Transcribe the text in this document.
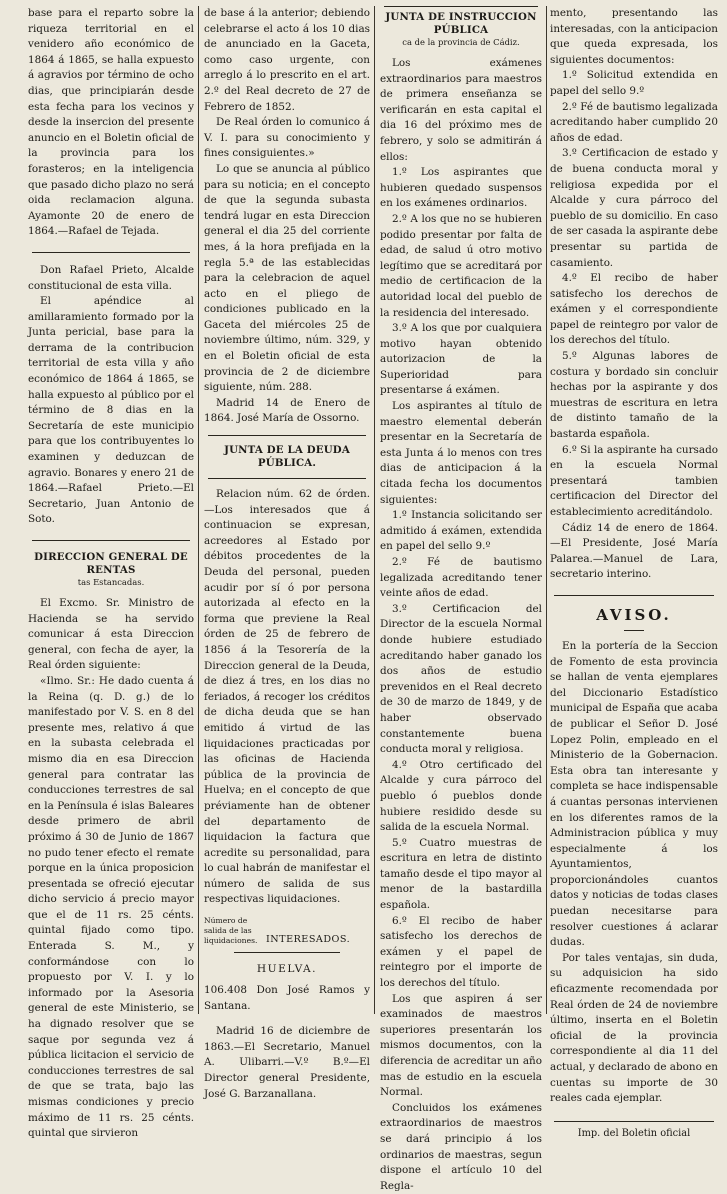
base para el reparto sobre la riqueza territorial en el venidero año económico de 1864 á 1865, se halla expuesto á agravios por término de ocho dias, que principiarán desde esta fecha para los vecinos y desde la insercion del presente anuncio en el Boletin oficial de la provincia para los forasteros; en la inteligencia que pasado dicho plazo no será oida reclamacion alguna. Ayamonte 20 de enero de 1864.—Rafael de Tejada.

Don Rafael Prieto, Alcalde constitucional de esta villa.

El apéndice al amillaramiento formado por la Junta pericial, base para la derrama de la contribucion territorial de esta villa y año económico de 1864 á 1865, se halla expuesto al público por el término de 8 dias en la Secretaría de este municipio para que los contribuyentes lo examinen y deduzcan de agravio. Bonares y enero 21 de 1864.—Rafael Prieto.—El Secretario, Juan Antonio de Soto.

DIRECCION GENERAL DE RENTAS
tas Estancadas.

El Excmo. Sr. Ministro de Hacienda se ha servido comunicar á esta Direccion general, con fecha de ayer, la Real órden siguiente:

«Ilmo. Sr.: He dado cuenta á la Reina (q. D. g.) de lo manifestado por V. S. en 8 del presente mes, relativo á que en la subasta celebrada el mismo dia en esa Direccion general para contratar las conducciones terrestres de sal en la Península é islas Baleares desde primero de abril próximo á 30 de Junio de 1867 no pudo tener efecto el remate porque en la única proposicion presentada se ofreció ejecutar dicho servicio á precio mayor que el de 11 rs. 25 cénts. quintal fijado como tipo. Enterada S. M., y conformándose con lo propuesto por V. I. y lo informado por la Asesoria general de este Ministerio, se ha dignado resolver que se saque por segunda vez á pública licitacion el servicio de conducciones terrestres de sal de que se trata, bajo las mismas condiciones y precio máximo de 11 rs. 25 cénts. quintal que sirvieron

de base á la anterior; debiendo celebrarse el acto á los 10 dias de anunciado en la Gaceta, como caso urgente, con arreglo á lo prescrito en el art. 2.º del Real decreto de 27 de Febrero de 1852.

De Real órden lo comunico á V. I. para su conocimiento y fines consiguientes.»

Lo que se anuncia al público para su noticia; en el concepto de que la segunda subasta tendrá lugar en esta Direccion general el dia 25 del corriente mes, á la hora prefijada en la regla 5.ª de las establecidas para la celebracion de aquel acto en el pliego de condiciones publicado en la Gaceta del miércoles 25 de noviembre último, núm. 329, y en el Boletin oficial de esta provincia de 2 de diciembre siguiente, núm. 288.

Madrid 14 de Enero de 1864. José María de Ossorno.

JUNTA DE LA DEUDA PÚBLICA.

Relacion núm. 62 de órden.—Los interesados que á continuacion se expresan, acreedores al Estado por débitos procedentes de la Deuda del personal, pueden acudir por sí ó por persona autorizada al efecto en la forma que previene la Real órden de 25 de febrero de 1856 á la Tesorería de la Direccion general de la Deuda, de diez á tres, en los dias no feriados, á recoger los créditos de dicha deuda que se han emitido á virtud de las liquidaciones practicadas por las oficinas de Hacienda pública de la provincia de Huelva; en el concepto de que préviamente han de obtener del departamento de liquidacion la factura que acredite su personalidad, para lo cual habrán de manifestar el número de salida de sus respectivas liquidaciones.

Número de salida de las liquidaciones. INTERESADOS.
HUELVA.
106.408 Don José Ramos y Santana.

Madrid 16 de diciembre de 1863.—El Secretario, Manuel A. Ulibarri.—V.º B.º—El Director general Presidente, José G. Barzanallana.

JUNTA DE INSTRUCCION PÚBLICA
ca de la provincia de Cádiz.

Los exámenes extraordinarios para maestros de primera enseñanza se verificarán en esta capital el dia 16 del próximo mes de febrero, y solo se admitirán á ellos:

1.º Los aspirantes que hubieren quedado suspensos en los exámenes ordinarios.

2.º A los que no se hubieren podido presentar por falta de edad, de salud ú otro motivo legítimo que se acreditará por medio de certificacion de la autoridad local del pueblo de la residencia del interesado.

3.º A los que por cualquiera motivo hayan obtenido autorizacion de la Superioridad para presentarse á exámen.

Los aspirantes al título de maestro elemental deberán presentar en la Secretaría de esta Junta á lo menos con tres dias de anticipacion á la citada fecha los documentos siguientes:

1.º Instancia solicitando ser admitido á exámen, extendida en papel del sello 9.º

2.º Fé de bautismo legalizada acreditando tener veinte años de edad.

3.º Certificacion del Director de la escuela Normal donde hubiere estudiado acreditando haber ganado los dos años de estudio prevenidos en el Real decreto de 30 de marzo de 1849, y de haber observado constantemente buena conducta moral y religiosa.

4.º Otro certificado del Alcalde y cura párroco del pueblo ó pueblos donde hubiere residido desde su salida de la escuela Normal.

5.º Cuatro muestras de escritura en letra de distinto tamaño desde el tipo mayor al menor de la bastardilla española.

6.º El recibo de haber satisfecho los derechos de exámen y el papel de reintegro por el importe de los derechos del título.

Los que aspiren á ser examinados de maestros superiores presentarán los mismos documentos, con la diferencia de acreditar un año mas de estudio en la escuela Normal.

Concluidos los exámenes extraordinarios de maestros se dará principio á los ordinarios de maestras, segun dispone el artículo 10 del Regla-

mento, presentando las interesadas, con la anticipacion que queda expresada, los siguientes documentos:

1.º Solicitud extendida en papel del sello 9.º

2.º Fé de bautismo legalizada acreditando haber cumplido 20 años de edad.

3.º Certificacion de estado y de buena conducta moral y religiosa expedida por el Alcalde y cura párroco del pueblo de su domicilio. En caso de ser casada la aspirante debe presentar su partida de casamiento.

4.º El recibo de haber satisfecho los derechos de exámen y el correspondiente papel de reintegro por valor de los derechos del título.

5.º Algunas labores de costura y bordado sin concluir hechas por la aspirante y dos muestras de escritura en letra de distinto tamaño de la bastarda española.

6.º Si la aspirante ha cursado en la escuela Normal presentará tambien certificacion del Director del establecimiento acreditándolo.

Cádiz 14 de enero de 1864. —El Presidente, José María Palarea.—Manuel de Lara, secretario interino.

AVISO.

En la portería de la Seccion de Fomento de esta provincia se hallan de venta ejemplares del Diccionario Estadístico municipal de España que acaba de publicar el Señor D. José Lopez Polin, empleado en el Ministerio de la Gobernacion. Esta obra tan interesante y completa se hace indispensable á cuantas personas intervienen en los diferentes ramos de la Administracion pública y muy especialmente á los Ayuntamientos, proporcionándoles cuantos datos y noticias de todas clases puedan necesitarse para resolver cuestiones á aclarar dudas.

Por tales ventajas, sin duda, su adquisicion ha sido eficazmente recomendada por Real órden de 24 de noviembre último, inserta en el Boletin oficial de la provincia correspondiente al dia 11 del actual, y declarado de abono en cuentas su importe de 30 reales cada ejemplar.

Imp. del Boletin oficial
